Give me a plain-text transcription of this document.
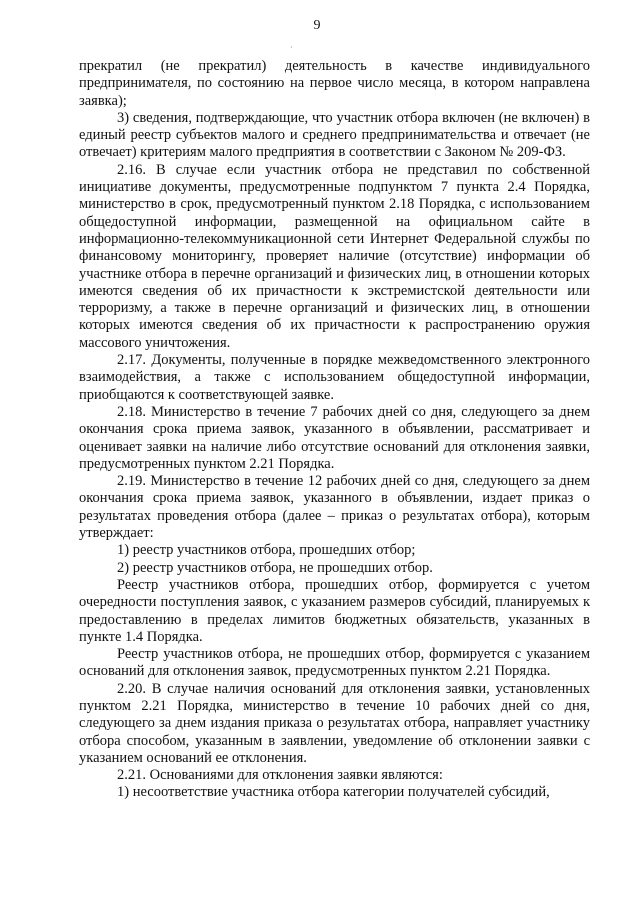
9
·

прекратил (не прекратил) деятельность в качестве индивидуального предпринимателя, по состоянию на первое число месяца, в котором направлена заявка);

3) сведения, подтверждающие, что участник отбора включен (не включен) в единый реестр субъектов малого и среднего предпринимательства и отвечает (не отвечает) критериям малого предприятия в соответствии с Законом № 209-ФЗ.

2.16. В случае если участник отбора не представил по собственной инициативе документы, предусмотренные подпунктом 7 пункта 2.4 Порядка, министерство в срок, предусмотренный пунктом 2.18 Порядка, с использованием общедоступной информации, размещенной на официальном сайте в информационно-телекоммуникационной сети Интернет Федеральной службы по финансовому мониторингу, проверяет наличие (отсутствие) информации об участнике отбора в перечне организаций и физических лиц, в отношении которых имеются сведения об их причастности к экстремистской деятельности или терроризму, а также в перечне организаций и физических лиц, в отношении которых имеются сведения об их причастности к распространению оружия массового уничтожения.

2.17. Документы, полученные в порядке межведомственного электронного взаимодействия, а также с использованием общедоступной информации, приобщаются к соответствующей заявке.

2.18. Министерство в течение 7 рабочих дней со дня, следующего за днем окончания срока приема заявок, указанного в объявлении, рассматривает и оценивает заявки на наличие либо отсутствие оснований для отклонения заявки, предусмотренных пунктом 2.21 Порядка.

2.19. Министерство в течение 12 рабочих дней со дня, следующего за днем окончания срока приема заявок, указанного в объявлении, издает приказ о результатах проведения отбора (далее – приказ о результатах отбора), которым утверждает:

1) реестр участников отбора, прошедших отбор;

2) реестр участников отбора, не прошедших отбор.

Реестр участников отбора, прошедших отбор, формируется с учетом очередности поступления заявок, с указанием размеров субсидий, планируемых к предоставлению в пределах лимитов бюджетных обязательств, указанных в пункте 1.4 Порядка.

Реестр участников отбора, не прошедших отбор, формируется с указанием оснований для отклонения заявок, предусмотренных пунктом 2.21 Порядка.

2.20. В случае наличия оснований для отклонения заявки, установленных пунктом 2.21 Порядка, министерство в течение 10 рабочих дней со дня, следующего за днем издания приказа о результатах отбора, направляет участнику отбора способом, указанным в заявлении, уведомление об отклонении заявки с указанием оснований ее отклонения.

2.21. Основаниями для отклонения заявки являются:

1) несоответствие участника отбора категории получателей субсидий,
